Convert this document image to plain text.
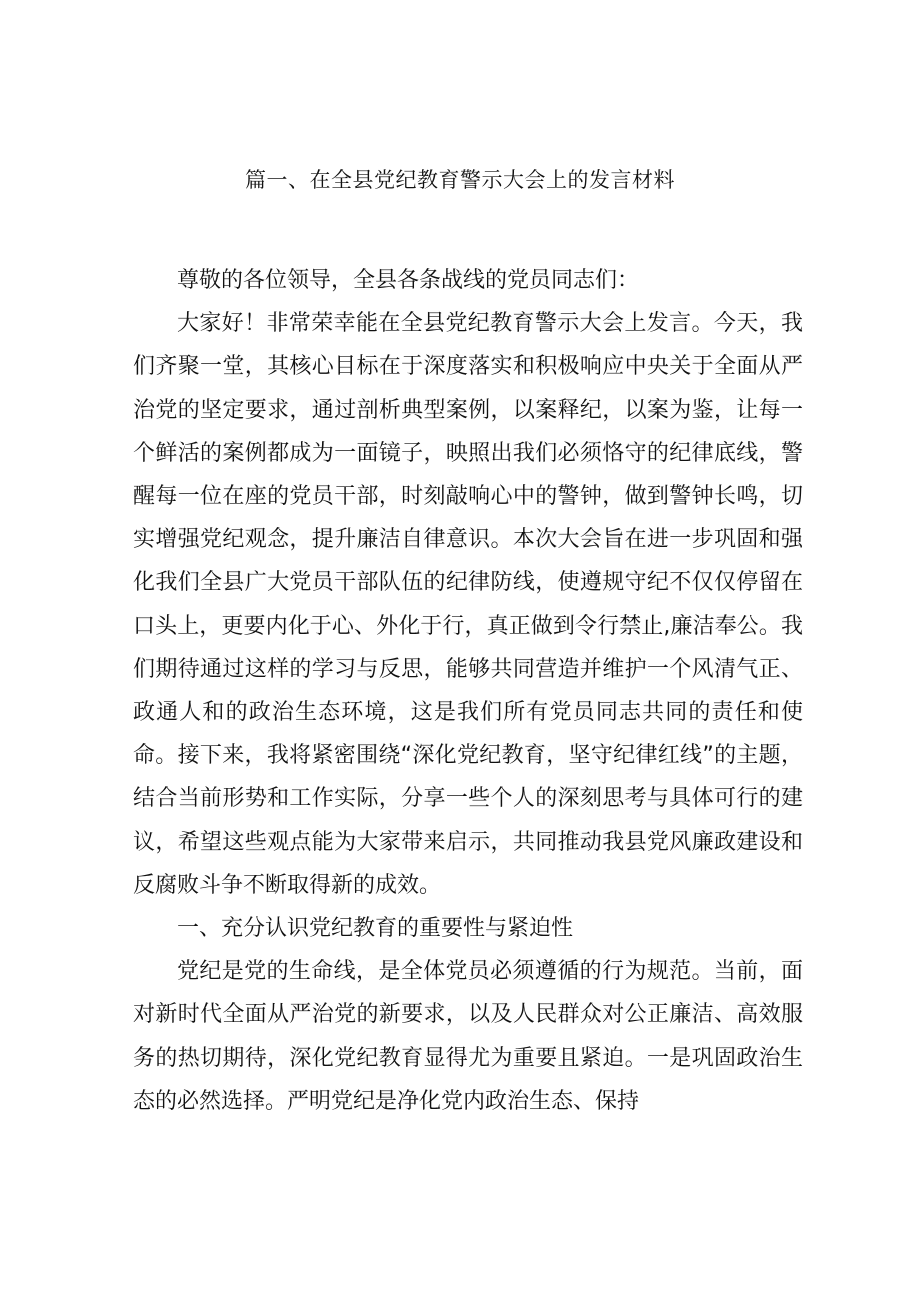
篇一、在全县党纪教育警示大会上的发言材料

尊敬的各位领导，全县各条战线的党员同志们：

大家好！非常荣幸能在全县党纪教育警示大会上发言。今天，我们齐聚一堂，其核心目标在于深度落实和积极响应中央关于全面从严治党的坚定要求，通过剖析典型案例，以案释纪，以案为鉴，让每一个鲜活的案例都成为一面镜子，映照出我们必须恪守的纪律底线，警醒每一位在座的党员干部，时刻敲响心中的警钟，做到警钟长鸣，切实增强党纪观念，提升廉洁自律意识。本次大会旨在进一步巩固和强化我们全县广大党员干部队伍的纪律防线，使遵规守纪不仅仅停留在口头上，更要内化于心、外化于行，真正做到令行禁止,廉洁奉公。我们期待通过这样的学习与反思，能够共同营造并维护一个风清气正、政通人和的政治生态环境，这是我们所有党员同志共同的责任和使命。接下来，我将紧密围绕“深化党纪教育，坚守纪律红线”的主题，结合当前形势和工作实际，分享一些个人的深刻思考与具体可行的建议，希望这些观点能为大家带来启示，共同推动我县党风廉政建设和反腐败斗争不断取得新的成效。

一、充分认识党纪教育的重要性与紧迫性

党纪是党的生命线，是全体党员必须遵循的行为规范。当前，面对新时代全面从严治党的新要求，以及人民群众对公正廉洁、高效服务的热切期待，深化党纪教育显得尤为重要且紧迫。一是巩固政治生态的必然选择。严明党纪是净化党内政治生态、保持
